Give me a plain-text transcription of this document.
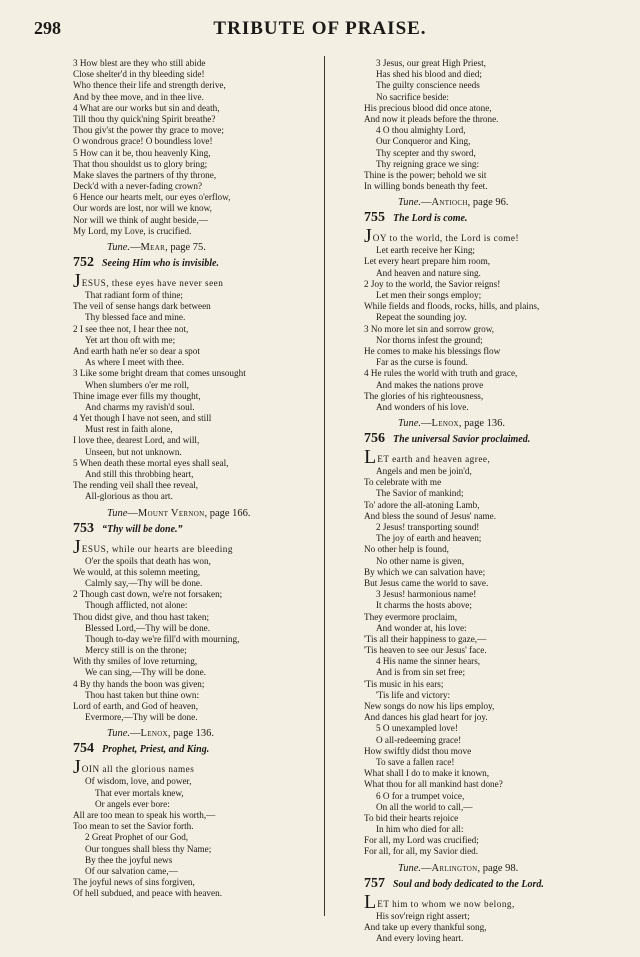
298	TRIBUTE OF PRAISE.
3 How blest are they who still abide
Close shelter'd in thy bleeding side!
Who thence their life and strength derive,
And by thee move, and in thee live.
4 What are our works but sin and death,
Till thou thy quick'ning Spirit breathe?
Thou giv'st the power thy grace to move;
O wondrous grace! O boundless love!
5 How can it be, thou heavenly King,
That thou shouldst us to glory bring;
Make slaves the partners of thy throne,
Deck'd with a never-fading crown?
6 Hence our hearts melt, our eyes o'erflow,
Our words are lost, nor will we know,
Nor will we think of aught beside,—
My Lord, my Love, is crucified.
Tune.—Mear, page 75.
752 Seeing Him who is invisible.
JESUS, these eyes have never seen
That radiant form of thine;
The veil of sense hangs dark between
Thy blessed face and mine.
2 I see thee not, I hear thee not,
Yet art thou oft with me;
And earth hath ne'er so dear a spot
As where I meet with thee.
3 Like some bright dream that comes unsought
When slumbers o'er me roll,
Thine image ever fills my thought,
And charms my ravish'd soul.
4 Yet though I have not seen, and still
Must rest in faith alone,
I love thee, dearest Lord, and will,
Unseen, but not unknown.
5 When death these mortal eyes shall seal,
And still this throbbing heart,
The rending veil shall thee reveal,
All-glorious as thou art.
Tune—Mount Vernon, page 166.
753 “Thy will be done.”
JESUS, while our hearts are bleeding
O'er the spoils that death has won,
We would, at this solemn meeting,
Calmly say,—Thy will be done.
2 Though cast down, we're not forsaken;
Though afflicted, not alone:
Thou didst give, and thou hast taken;
Blessed Lord,—Thy will be done.
Though to-day we're fill'd with mourning,
Mercy still is on the throne;
With thy smiles of love returning,
We can sing,—Thy will be done.
4 By thy hands the boon was given;
Thou hast taken but thine own:
Lord of earth, and God of heaven,
Evermore,—Thy will be done.
Tune.—Lenox, page 136.
754 Prophet, Priest, and King.
JOIN all the glorious names
Of wisdom, love, and power,
That ever mortals knew,
Or angels ever bore:
All are too mean to speak his worth,—
Too mean to set the Savior forth.
2 Great Prophet of our God,
Our tongues shall bless thy Name;
By thee the joyful news
Of our salvation came,—
The joyful news of sins forgiven,
Of hell subdued, and peace with heaven.
3 Jesus, our great High Priest,
Has shed his blood and died;
The guilty conscience needs
No sacrifice beside:
His precious blood did once atone,
And now it pleads before the throne.
4 O thou almighty Lord,
Our Conqueror and King,
Thy scepter and thy sword,
Thy reigning grace we sing:
Thine is the power; behold we sit
In willing bonds beneath thy feet.
Tune.—Antioch, page 96.
755 The Lord is come.
JOY to the world, the Lord is come!
Let earth receive her King;
Let every heart prepare him room,
And heaven and nature sing.
2 Joy to the world, the Savior reigns!
Let men their songs employ;
While fields and floods, rocks, hills, and plains,
Repeat the sounding joy.
3 No more let sin and sorrow grow,
Nor thorns infest the ground;
He comes to make his blessings flow
Far as the curse is found.
4 He rules the world with truth and grace,
And makes the nations prove
The glories of his righteousness,
And wonders of his love.
Tune.—Lenox, page 136.
756 The universal Savior proclaimed.
LET earth and heaven agree,
Angels and men be join'd,
To celebrate with me
The Savior of mankind;
To' adore the all-atoning Lamb,
And bless the sound of Jesus' name.
2 Jesus! transporting sound!
The joy of earth and heaven;
No other help is found,
No other name is given,
By which we can salvation have;
But Jesus came the world to save.
3 Jesus! harmonious name!
It charms the hosts above;
They evermore proclaim,
And wonder at, his love:
'Tis all their happiness to gaze,—
'Tis heaven to see our Jesus' face.
4 His name the sinner hears,
And is from sin set free;
'Tis music in his ears;
'Tis life and victory:
New songs do now his lips employ,
And dances his glad heart for joy.
5 O unexampled love!
O all-redeeming grace!
How swiftly didst thou move
To save a fallen race!
What shall I do to make it known,
What thou for all mankind hast done?
6 O for a trumpet voice,
On all the world to call,—
To bid their hearts rejoice
In him who died for all:
For all, my Lord was crucified;
For all, for all, my Savior died.
Tune.—Arlington, page 98.
757 Soul and body dedicated to the Lord.
LET him to whom we now belong,
His sov'reign right assert;
And take up every thankful song,
And every loving heart.
